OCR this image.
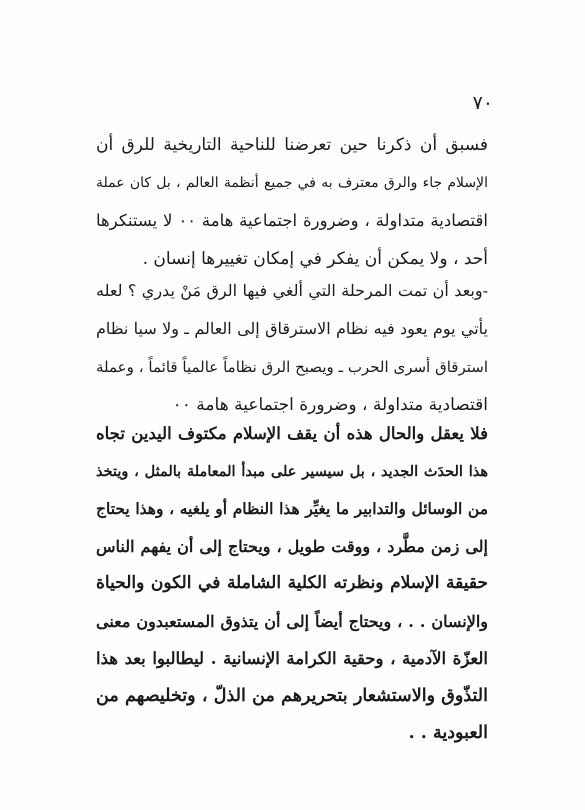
٧٠
فسبق أن ذكرنا حين تعرضنا للناحية التاريخية للرق أن
الإسلام جاء والرق معترف به في جميع أنظمة العالم ، بل كان عملة
اقتصادية متداولة ، وضرورة اجتماعية هامة ٠٠ لا يستنكرها
أحد ، ولا يمكن أن يفكر في إمكان تغييرها إنسان .
-وبعد أن تمت المرحلة التي ألغي فيها الرق مَنْ يدري ؟ لعله
يأتي يوم يعود فيه نظام الاسترقاق إلى العالم ـ ولا سيا نظام
استرقاق أسرى الحرب ـ ويصبح الرق نظاماً عالمياً قائماً ، وعملة
اقتصادية متداولة ، وضرورة اجتماعية هامة ٠٠
فلا يعقل والحال هذه أن يقف الإسلام مكتوف اليدين تجاه
هذا الحدَث الجديد ، بل سيسير على مبدأ المعاملة بالمثل ، ويتخذ
من الوسائل والتدابير ما يغيِّر هذا النظام أو يلغيه ، وهذا يحتاج
إلى زمن مطَّرد ، ووقت طويل ، ويحتاج إلى أن يفهم الناس
حقيقة الإسلام ونظرته الكلية الشاملة في الكون والحياة
والإنسان . . ، ويحتاج أيضاً إلى أن يتذوق المستعبدون معنى
العزّة الآدمية ، وحقية الكرامة الإنسانية . ليطالبوا بعد هذا
التذّوق والاستشعار بتحريرهم من الذلّ ، وتخليصهم من
العبودية . .
